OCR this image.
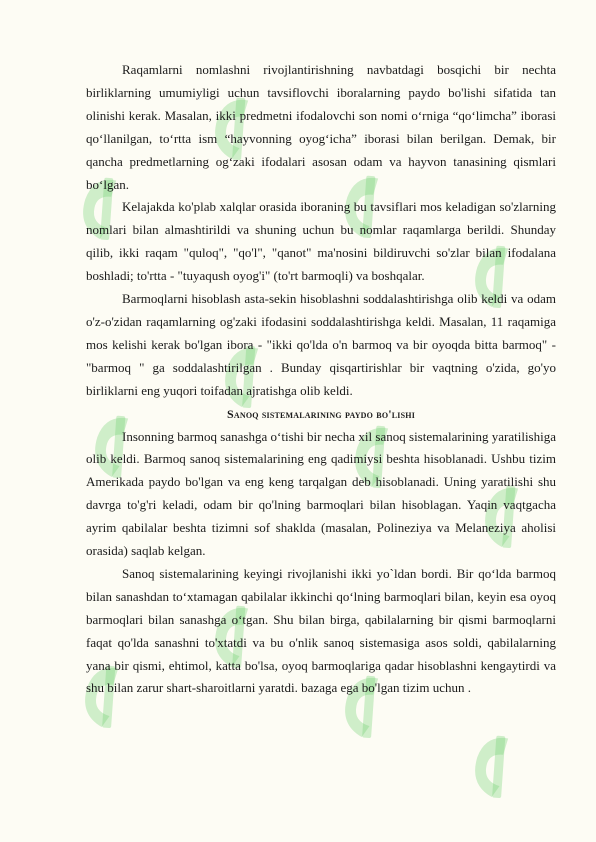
Raqamlarni nomlashni rivojlantirishning navbatdagi bosqichi bir nechta birliklarning umumiyligi uchun tavsiflovchi iboralarning paydo bo'lishi sifatida tan olinishi kerak. Masalan, ikki predmetni ifodalovchi son nomi o‘rniga “qo‘limcha” iborasi qo‘llanilgan, to‘rtta ism “hayvonning oyog‘icha” iborasi bilan berilgan. Demak, bir qancha predmetlarning og‘zaki ifodalari asosan odam va hayvon tanasining qismlari bo‘lgan.

Kelajakda ko'plab xalqlar orasida iboraning bu tavsiflari mos keladigan so'zlarning nomlari bilan almashtirildi va shuning uchun bu nomlar raqamlarga berildi. Shunday qilib, ikki raqam "quloq", "qo'l", "qanot" ma'nosini bildiruvchi so'zlar bilan ifodalana boshladi; to'rtta - "tuyaqush oyog'i" (to'rt barmoqli) va boshqalar.

Barmoqlarni hisoblash asta-sekin hisoblashni soddalashtirishga olib keldi va odam o'z-o'zidan raqamlarning og'zaki ifodasini soddalashtirishga keldi. Masalan, 11 raqamiga mos kelishi kerak bo'lgan ibora - "ikki qo'lda o'n barmoq va bir oyoqda bitta barmoq" - "barmoq " ga soddalashtirilgan . Bunday qisqartirishlar bir vaqtning o'zida, go'yo birliklarni eng yuqori toifadan ajratishga olib keldi.

Sanoq sistemalarining paydo bo'lishi

Insonning barmoq sanashga o‘tishi bir necha xil sanoq sistemalarining yaratilishiga olib keldi. Barmoq sanoq sistemalarining eng qadimiysi beshta hisoblanadi. Ushbu tizim Amerikada paydo bo'lgan va eng keng tarqalgan deb hisoblanadi. Uning yaratilishi shu davrga to'g'ri keladi, odam bir qo'lning barmoqlari bilan hisoblagan. Yaqin vaqtgacha ayrim qabilalar beshta tizimni sof shaklda (masalan, Polineziya va Melaneziya aholisi orasida) saqlab kelgan.

Sanoq sistemalarining keyingi rivojlanishi ikki yo`ldan bordi. Bir qo‘lda barmoq bilan sanashdan to‘xtamagan qabilalar ikkinchi qo‘lning barmoqlari bilan, keyin esa oyoq barmoqlari bilan sanashga o‘tgan. Shu bilan birga, qabilalarning bir qismi barmoqlarni faqat qo'lda sanashni to'xtatdi va bu o'nlik sanoq sistemasiga asos soldi, qabilalarning yana bir qismi, ehtimol, katta bo'lsa, oyoq barmoqlariga qadar hisoblashni kengaytirdi va shu bilan zarur shart-sharoitlarni yaratdi. bazaga ega bo'lgan tizim uchun .
